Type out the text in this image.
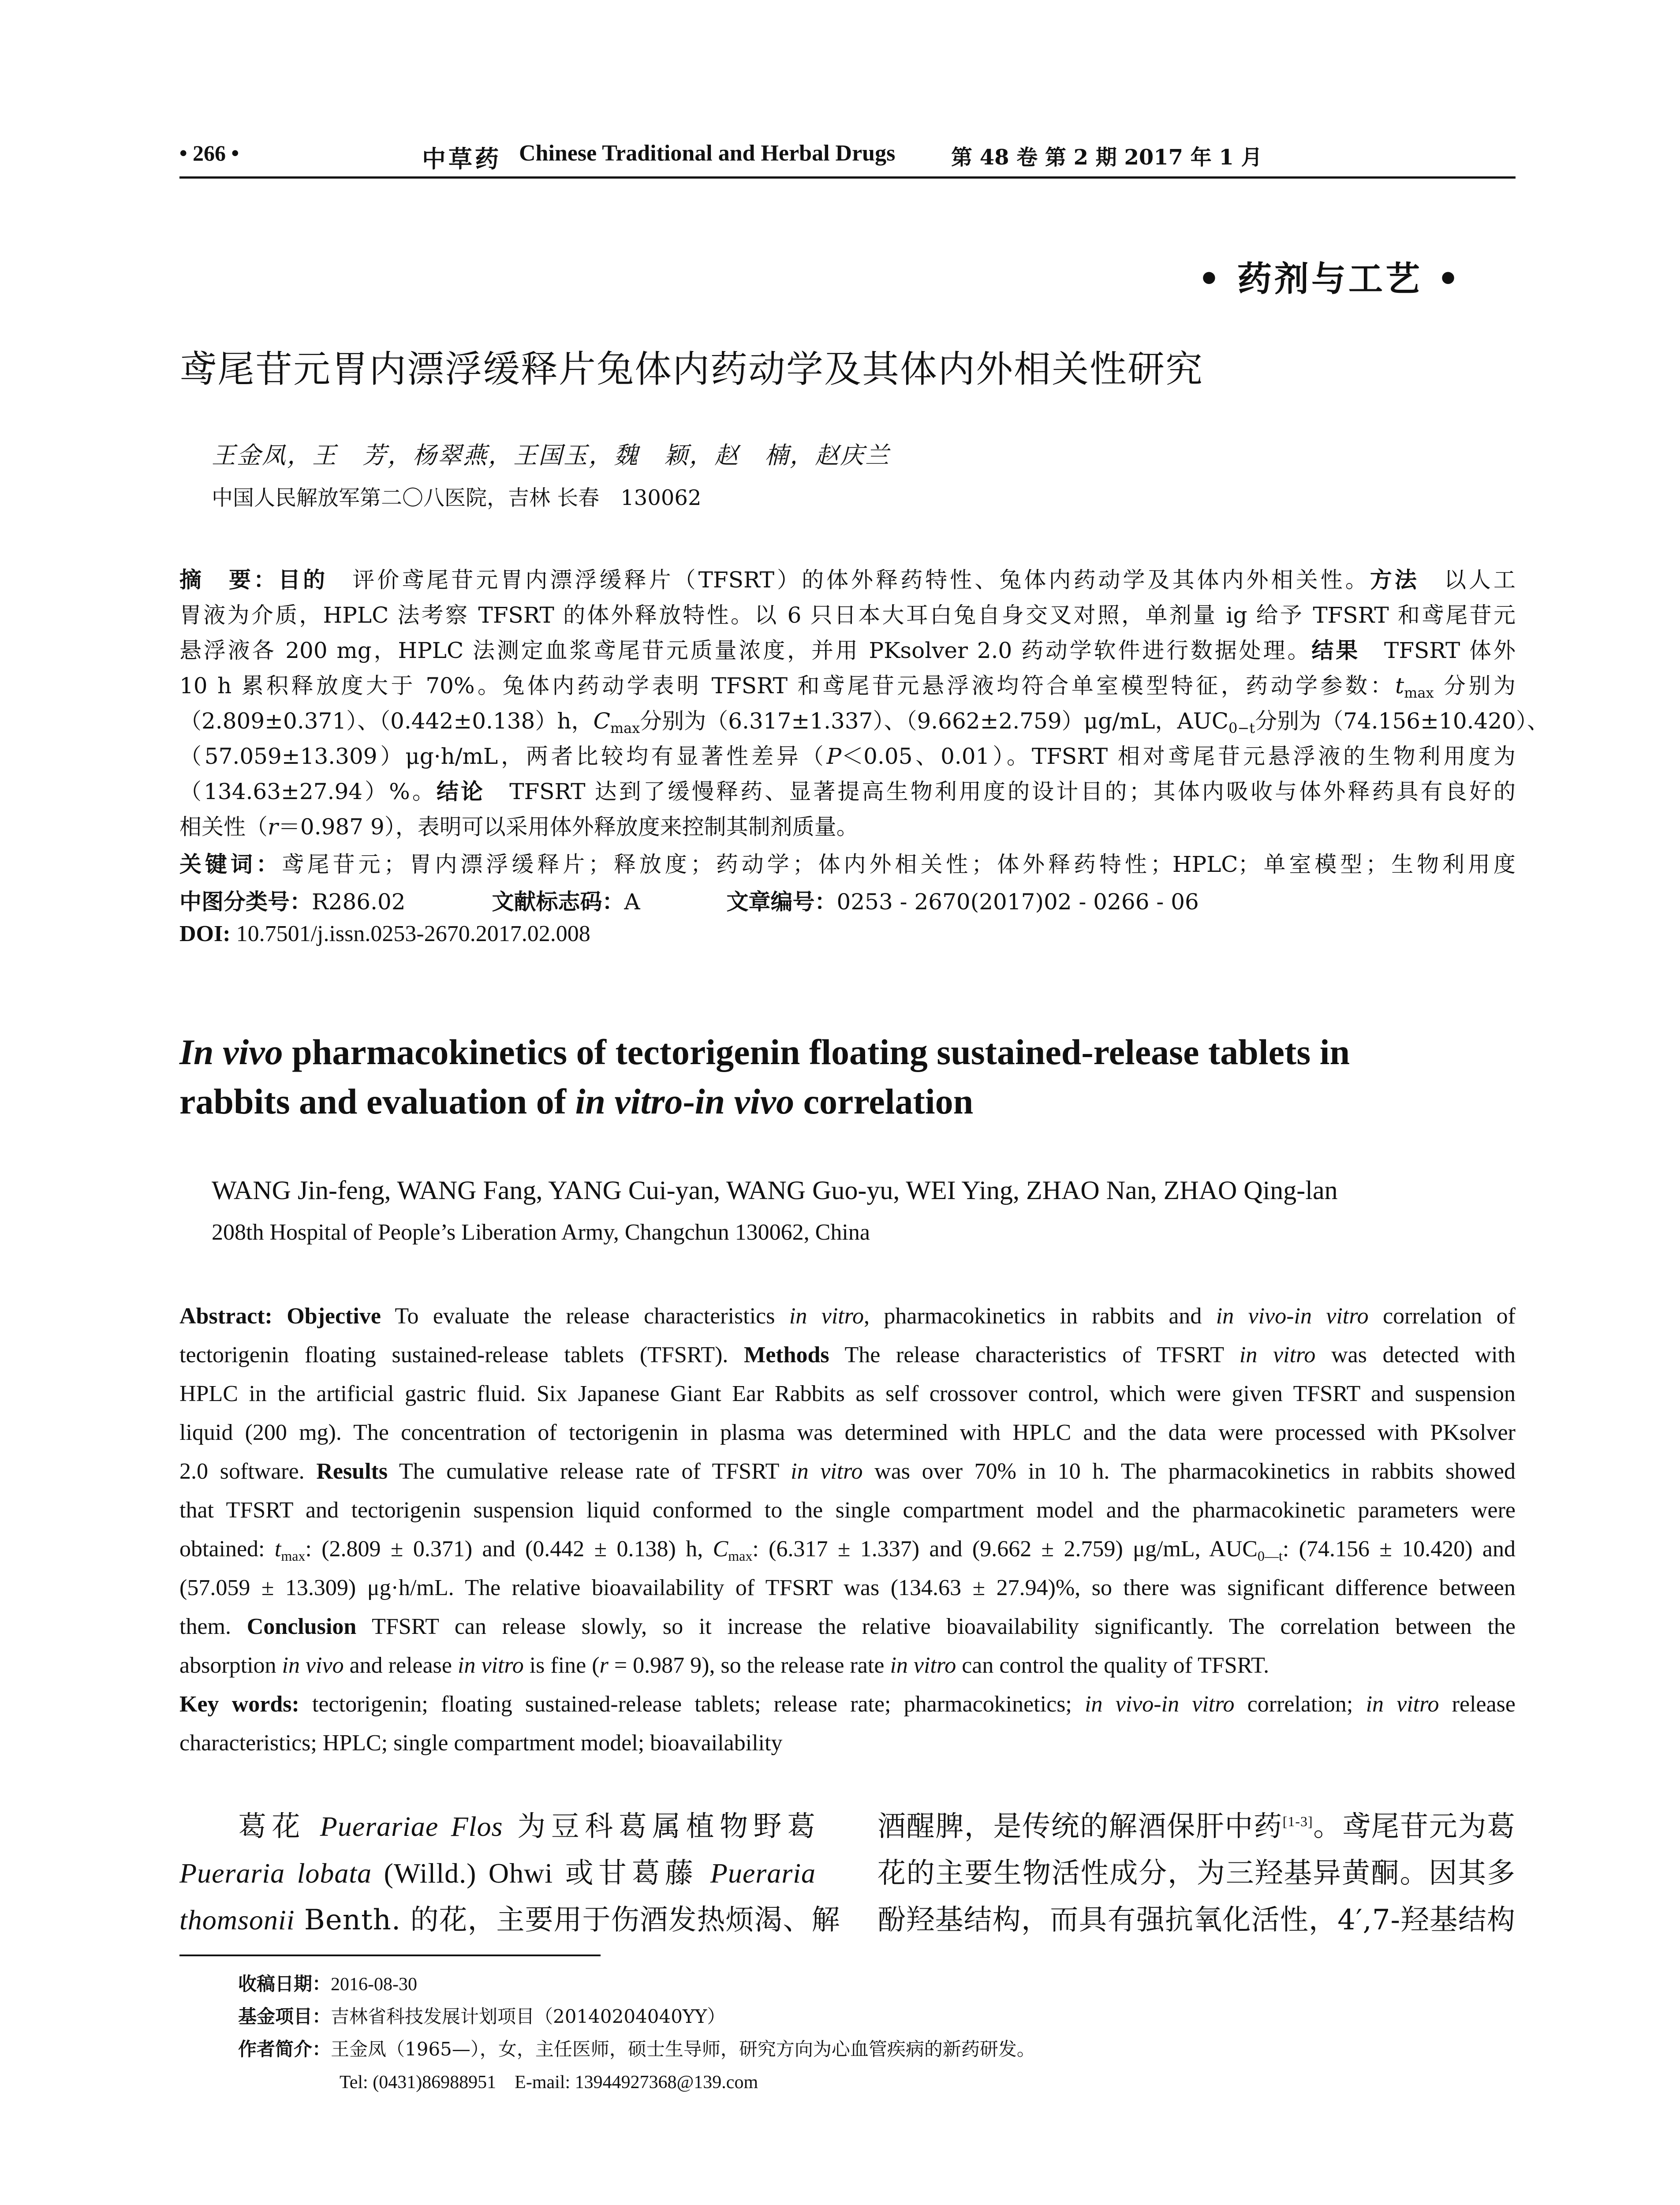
• 266 •	中草药 Chinese Traditional and Herbal Drugs	第 48 卷 第 2 期 2017 年 1 月
• 药剂与工艺 •
鸢尾苷元胃内漂浮缓释片兔体内药动学及其体内外相关性研究
王金凤，王　芳，杨翠燕，王国玉，魏　颖，赵　楠，赵庆兰
中国人民解放军第二〇八医院，吉林 长春　130062
摘　要：目的　 评价鸢尾苷元胃内漂浮缓释片（TFSRT）的体外释药特性、兔体内药动学及其体内外相关性。方法　 以人工
胃液为介质，HPLC 法考察 TFSRT 的体外释放特性。以 6 只日本大耳白兔自身交叉对照，单剂量 ig 给予 TFSRT 和鸢尾苷元
悬浮液各 200 mg，HPLC 法测定血浆鸢尾苷元质量浓度，并用 PKsolver 2.0 药动学软件进行数据处理。结果　 TFSRT 体外
10 h 累积释放度大于 70%。兔体内药动学表明 TFSRT 和鸢尾苷元悬浮液均符合单室模型特征，药动学参数：$t_{max}$ 分别为
（2.809±0.371）、（0.442±0.138）h，$C_{max}$分别为（6.317±1.337）、（9.662±2.759）μg/mL，$AUC_{0-t}$分别为（74.156±10.420）、
（57.059±13.309）μg·h/mL，两者比较均有显著性差异（P＜0.05、0.01）。TFSRT 相对鸢尾苷元悬浮液的生物利用度为
（134.63±27.94）%。结论　 TFSRT 达到了缓慢释药、显著提高生物利用度的设计目的；其体内吸收与体外释药具有良好的
相关性（r＝0.987 9），表明可以采用体外释放度来控制其制剂质量。
关键词：鸢尾苷元；胃内漂浮缓释片；释放度；药动学；体内外相关性；体外释药特性；HPLC；单室模型；生物利用度
中图分类号：R286.02	文献标志码：A	文章编号：0253 - 2670(2017)02 - 0266 - 06
DOI: 10.7501/j.issn.0253-2670.2017.02.008
In vivo pharmacokinetics of tectorigenin floating sustained-release tablets in
rabbits and evaluation of in vitro-in vivo correlation
WANG Jin-feng, WANG Fang, YANG Cui-yan, WANG Guo-yu, WEI Ying, ZHAO Nan, ZHAO Qing-lan
208th Hospital of People’s Liberation Army, Changchun 130062, China
Abstract: Objective To evaluate the release characteristics in vitro, pharmacokinetics in rabbits and in vivo-in vitro correlation of
tectorigenin floating sustained-release tablets (TFSRT). Methods The release characteristics of TFSRT in vitro was detected with
HPLC in the artificial gastric fluid. Six Japanese Giant Ear Rabbits as self crossover control, which were given TFSRT and suspension
liquid (200 mg). The concentration of tectorigenin in plasma was determined with HPLC and the data were processed with PKsolver
2.0 software. Results The cumulative release rate of TFSRT in vitro was over 70% in 10 h. The pharmacokinetics in rabbits showed
that TFSRT and tectorigenin suspension liquid conformed to the single compartment model and the pharmacokinetic parameters were
obtained: $t_{max}$: (2.809 ± 0.371) and (0.442 ± 0.138) h, $C_{max}$: (6.317 ± 1.337) and (9.662 ± 2.759) μg/mL, $AUC_{0—t}$: (74.156 ± 10.420) and
(57.059 ± 13.309) μg·h/mL. The relative bioavailability of TFSRT was (134.63 ± 27.94)%, so there was significant difference between
them. Conclusion TFSRT can release slowly, so it increase the relative bioavailability significantly. The correlation between the
absorption in vivo and release in vitro is fine (r = 0.987 9), so the release rate in vitro can control the quality of TFSRT.
Key words: tectorigenin; floating sustained-release tablets; release rate; pharmacokinetics; in vivo-in vitro correlation; in vitro release
characteristics; HPLC; single compartment model; bioavailability
葛花 Puerariae Flos 为豆科葛属植物野葛
Pueraria lobata (Willd.) Ohwi 或甘葛藤 Pueraria
thomsonii Benth. 的花，主要用于伤酒发热烦渴、解
酒醒脾，是传统的解酒保肝中药[1-3]。鸢尾苷元为葛
花的主要生物活性成分，为三羟基异黄酮。因其多
酚羟基结构，而具有强抗氧化活性，4′,7-羟基结构
收稿日期：2016-08-30
基金项目：吉林省科技发展计划项目（20140204040YY）
作者简介：王金凤（1965—），女，主任医师，硕士生导师，研究方向为心血管疾病的新药研发。
Tel: (0431)86988951　E-mail: 13944927368@139.com
